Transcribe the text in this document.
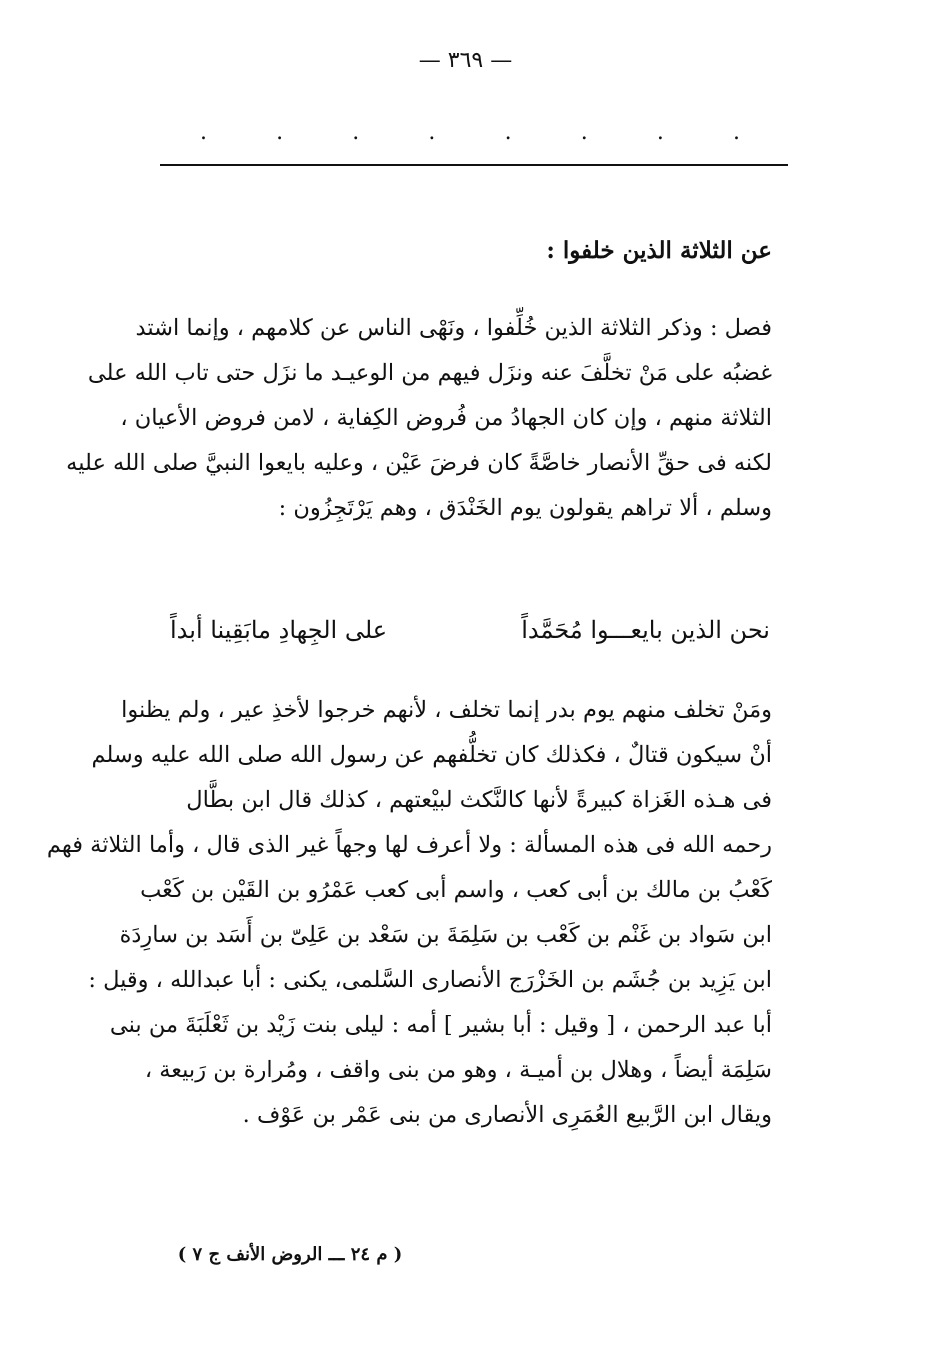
— ٣٦٩ —
.
.
.
.
.
.
.
.
عن الثلاثة الذين خلفوا :
فصل : وذكر الثلاثة الذين خُلِّفوا ، ونَهْى الناس عن كلامهم ، وإنما اشتد
غضبُه على مَنْ تخلَّفَ عنه ونزَل فيهم من الوعيـد ما نزَل حتى تاب الله على
الثلاثة منهم ، وإن كان الجهادُ من فُروض الكِفاية ، لامن فروض الأعيان ،
لكنه فى حقِّ الأنصار خاصَّةً كان فرضَ عَيْن ، وعليه بايعوا النبيَّ صلى الله عليه
وسلم ، ألا تراهم يقولون يوم الخَنْدَق ، وهم يَرْتَجِزُون :
نحن الذين بايعـــوا مُحَمَّداً
على الجِهادِ مابَقِينا أبداً
ومَنْ تخلف منهم يوم بدر إنما تخلف ، لأنهم خرجوا لأخذِ عير ، ولم يظنوا
أنْ سيكون قتالٌ ، فكذلك كان تخلُّفهم عن رسول الله صلى الله عليه وسلم
فى هـذه الغَزاة كبيرةً لأنها كالنَّكث لبيْعتهم ، كذلك قال ابن بطَّال
رحمه الله فى هذه المسألة : ولا أعرف لها وجهاً غير الذى قال ، وأما الثلاثة فهم
كَعْبُ بن مالك بن أبى كعب ، واسم أبى كعب عَمْرُو بن القَيْن بن كَعْب
ابن سَواد بن غَنْم بن كَعْب بن سَلِمَةَ بن سَعْد بن عَلِىّ بن أَسَد بن سارِدَة
ابن يَزِيد بن جُشَم بن الخَزْرَج الأنصارى السَّلمى، يكنى : أبا عبدالله ، وقيل :
أبا عبد الرحمن ، [ وقيل : أبا بشير ] أمه : ليلى بنت زَيْد بن ثَعْلَبَةَ من بنى
سَلِمَة أيضاً ، وهلال بن أميـة ، وهو من بنى واقف ، ومُرارة بن رَبيعة ،
ويقال ابن الرَّبيع العُمَرِى الأنصارى من بنى عَمْر بن عَوْف .
( م ٢٤ ـــ الروض الأنف ج ٧ )
